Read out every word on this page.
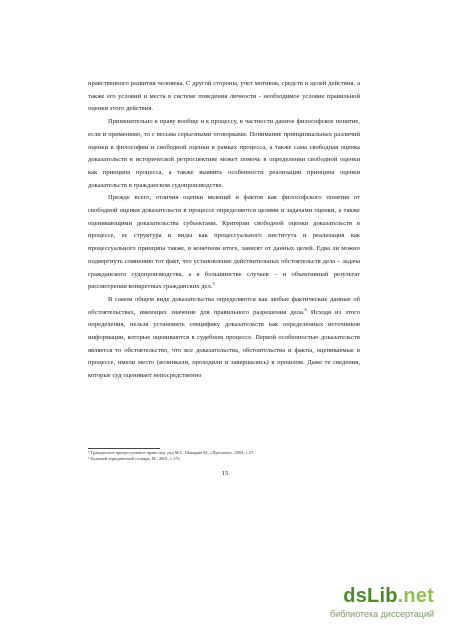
нравственного развития человека. С другой стороны, учет мотивов, средств и целей действия, а также его условий и места в системе поведения личности - необходимое условие правильной оценки этого действия.

Применительно к праву вообще и к процессу, в частности данное философское понятие, если и применимо, то с весьма серьезными оговорками. Понимание принципиальных различий оценки в философии и свободной оценки в рамках процесса, а также сама свободная оценка доказательств в исторической ретроспективе может помочь в определении свободной оценки как принципа процесса, а также выявить особенности реализации принципа оценки доказательств в гражданском судопроизводстве.

Прежде всего, отличия оценки явлений и фактов как философского понятия от свободной оценки доказательств в процессе определяются целями и задачами оценки, а также оценивающими доказательства субъектами. Критерии свободной оценки доказательств в процессе, ее структура и виды как процессуального института и реализация как процессуального принципа также, в конечном итоге, зависят от данных целей. Едва ли можно подвергнуть сомнению тот факт, что установление действительных обстоятельств дела – задача гражданского судопроизводства, а в большинстве случаев – и объективный результат рассмотрения конкретных гражданских дел.$^5$

В самом общем виде доказательства определяются как любые фактические данные об обстоятельствах, имеющих значение для правильного разрешения дела.$^6$ Исходя из этого определения, нельзя установить специфику доказательств как определенных источников информации, которые оцениваются в судебном процессе. Первой особенностью доказательств является то обстоятельство, что все доказательства, обстоятельства и факты, оцениваемые в процессе, имели место (возникали, проходили и завершались) в прошлом. Даже те сведения, которые суд оценивает непосредственно

⁵ Гражданское процессуальное право под. ред М.С. Шакарян М., «Проспект», 2004, с.57.
⁶ Большой юридический словарь, М., 2001, с.172.
15
dsLib.net
библиотека диссертаций
